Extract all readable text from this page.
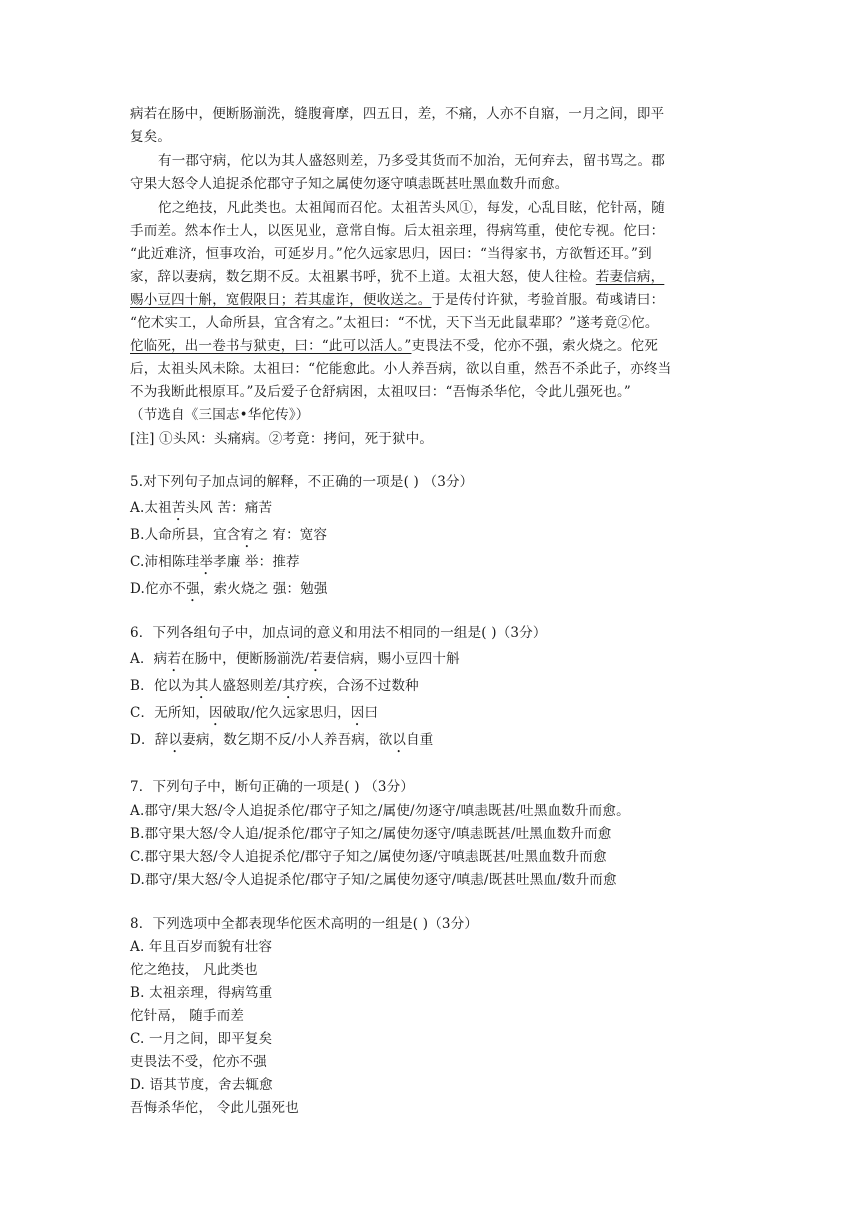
病若在肠中，便断肠湔洗，缝腹膏摩，四五日，差，不痛，人亦不自寤，一月之间，即平
复矣。
有一郡守病，佗以为其人盛怒则差，乃多受其货而不加治，无何弃去，留书骂之。郡
守果大怒令人追捉杀佗郡守子知之属使勿逐守嗔恚既甚吐黑血数升而愈。
佗之绝技，凡此类也。太祖闻而召佗。太祖苦头风①，每发，心乱目眩，佗针鬲，随
手而差。然本作士人，以医见业，意常自悔。后太祖亲理，得病笃重，使佗专视。佗曰：
“此近难济，恒事攻治，可延岁月。”佗久远家思归，因曰：“当得家书，方欲暂还耳。”到
家，辞以妻病，数乞期不反。太祖累书呼，犹不上道。太祖大怒，使人往检。若妻信病，
赐小豆四十斛，宽假限日；若其虚诈，便收送之。于是传付许狱，考验首服。荀彧请曰：
“佗术实工，人命所县，宜含宥之。”太祖曰：“不忧，天下当无此鼠辈耶？”遂考竟②佗。
佗临死，出一卷书与狱吏，曰：“此可以活人。”吏畏法不受，佗亦不强，索火烧之。佗死
后，太祖头风未除。太祖曰：“佗能愈此。小人养吾病，欲以自重，然吾不杀此子，亦终当
不为我断此根原耳。”及后爱子仓舒病困，太祖叹曰：“吾悔杀华佗，令此儿强死也。”
（节选自《三国志•华佗传》）
[注] ①头风：头痛病。②考竟：拷问，死于狱中。
5.对下列句子加点词的解释，不正确的一项是( ) （3分）
A.太祖苦头风 苦：痛苦
B.人命所县，宜含宥之 宥：宽容
C.沛相陈珪举孝廉 举：推荐
D.佗亦不强，索火烧之 强：勉强
6．下列各组句子中，加点词的意义和用法不相同的一组是( )（3分）
A．病若在肠中，便断肠湔洗/若妻信病，赐小豆四十斛
B．佗以为其人盛怒则差/其疗疾，合汤不过数种
C．无所知，因破取/佗久远家思归，因曰
D．辞以妻病，数乞期不反/小人养吾病，欲以自重
7．下列句子中，断句正确的一项是( ) （3分）
A.郡守/果大怒/令人追捉杀佗/郡守子知之/属使/勿逐守/嗔恚既甚/吐黑血数升而愈。
B.郡守果大怒/令人追/捉杀佗/郡守子知之/属使勿逐守/嗔恚既甚/吐黑血数升而愈
C.郡守果大怒/令人追捉杀佗/郡守子知之/属使勿逐/守嗔恚既甚/吐黑血数升而愈
D.郡守/果大怒/令人追捉杀佗/郡守子知/之属使勿逐守/嗔恚/既甚吐黑血/数升而愈
8．下列选项中全都表现华佗医术高明的一组是( )（3分）
A. 年且百岁而貌有壮容
佗之绝技， 凡此类也
B. 太祖亲理，得病笃重
佗针鬲， 随手而差
C. 一月之间，即平复矣
吏畏法不受，佗亦不强
D. 语其节度，舍去辄愈
吾悔杀华佗， 令此儿强死也
